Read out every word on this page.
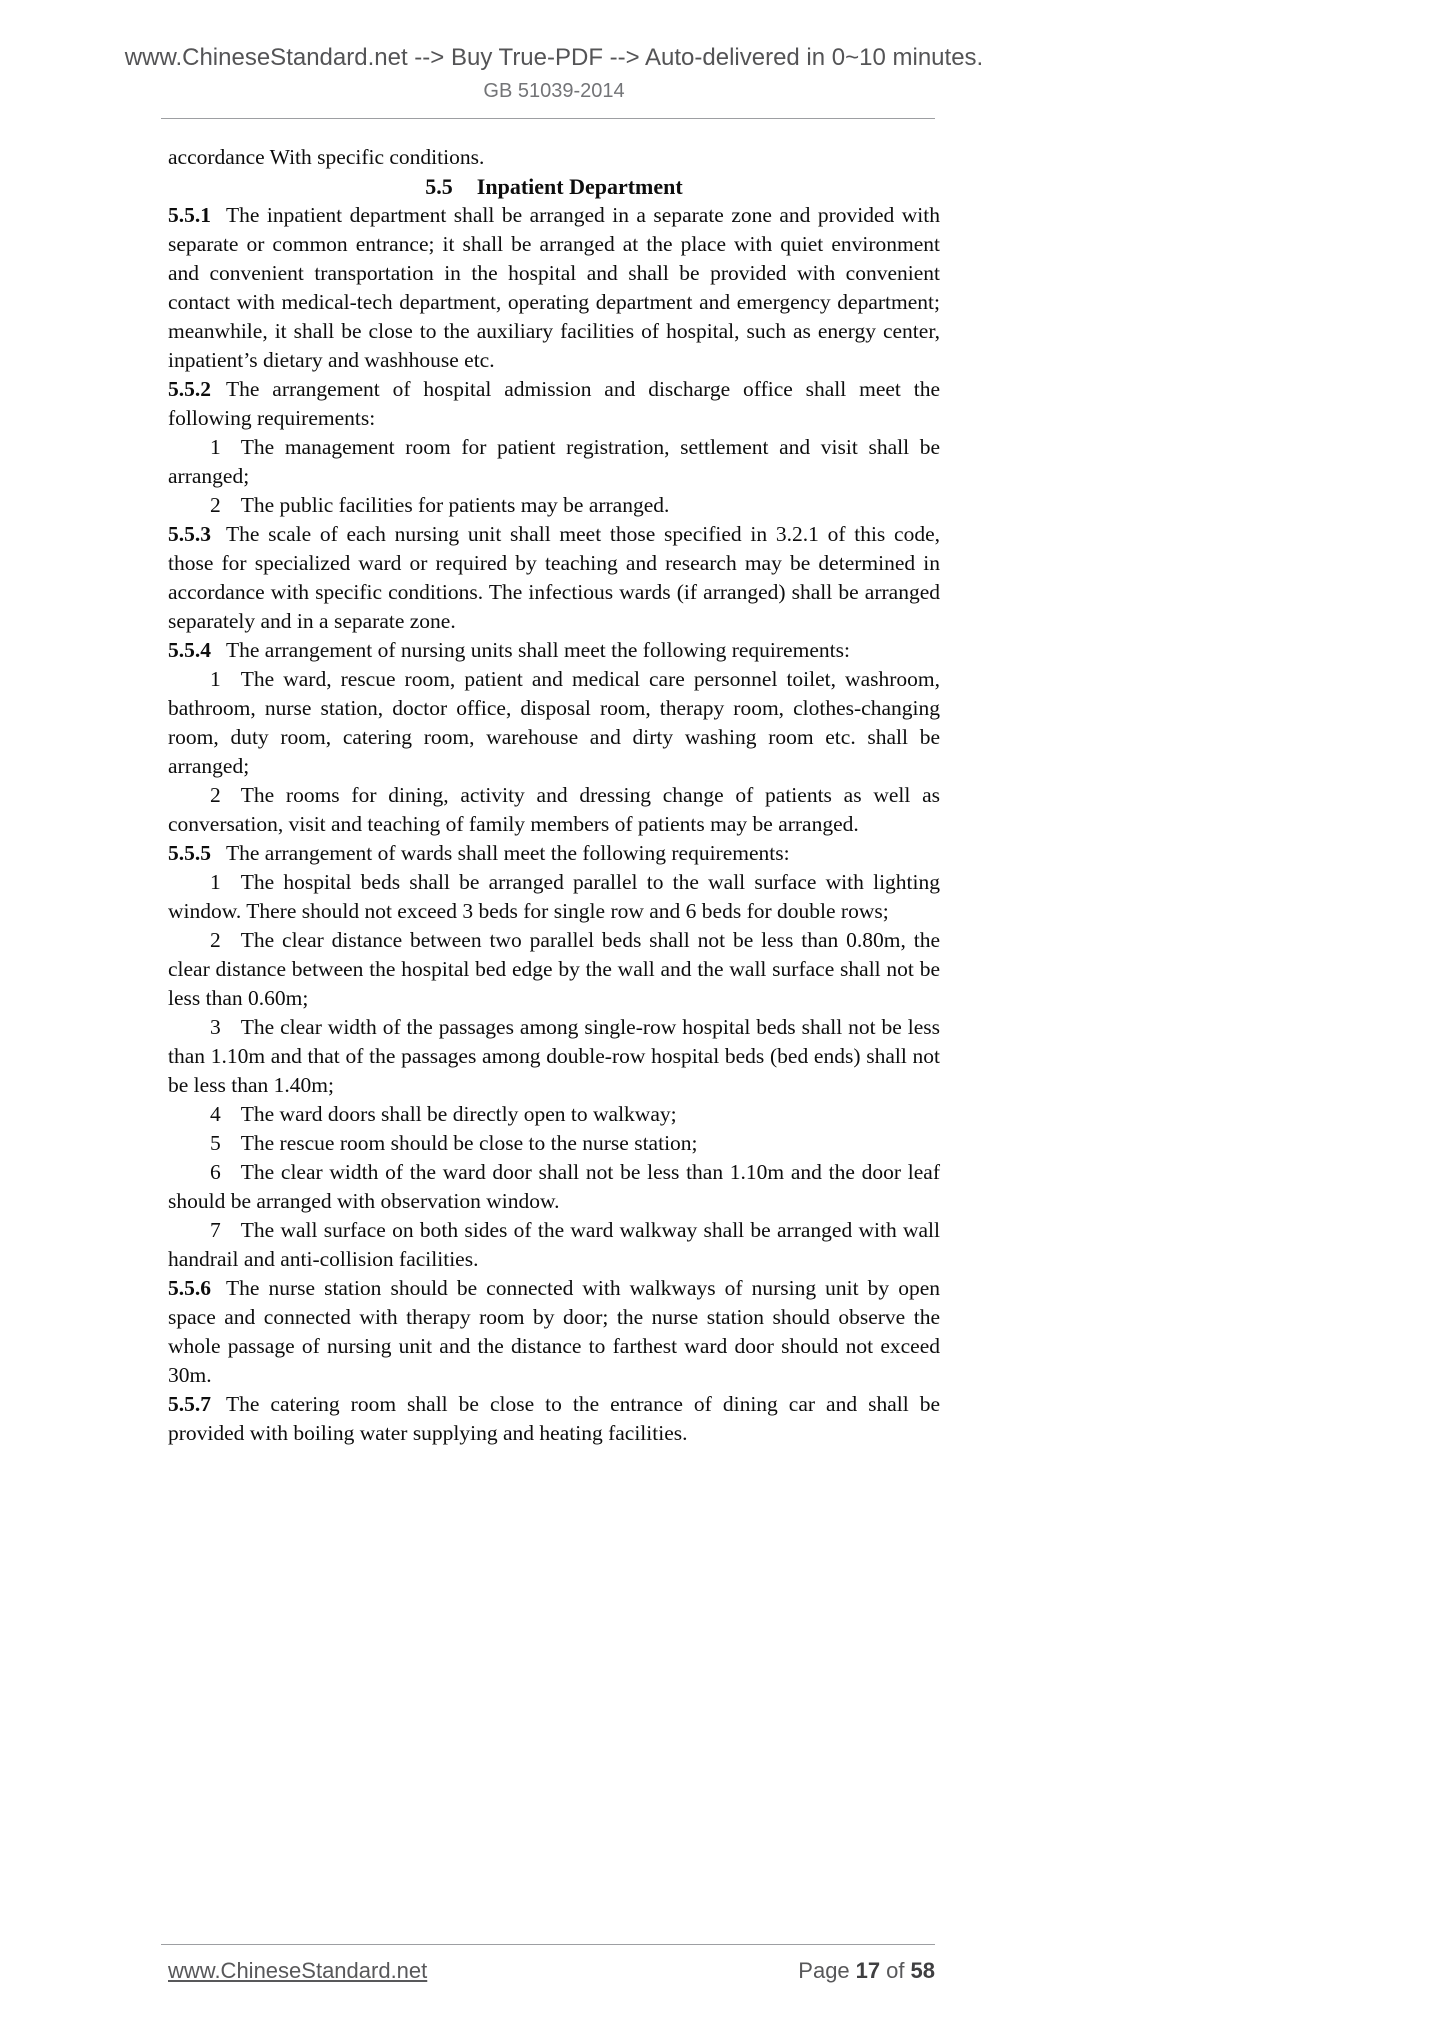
www.ChineseStandard.net --> Buy True-PDF --> Auto-delivered in 0~10 minutes.
GB 51039-2014

accordance With specific conditions.

5.5 Inpatient Department

5.5.1 The inpatient department shall be arranged in a separate zone and provided with separate or common entrance; it shall be arranged at the place with quiet environment and convenient transportation in the hospital and shall be provided with convenient contact with medical-tech department, operating department and emergency department; meanwhile, it shall be close to the auxiliary facilities of hospital, such as energy center, inpatient’s dietary and washhouse etc.

5.5.2 The arrangement of hospital admission and discharge office shall meet the following requirements:

1 The management room for patient registration, settlement and visit shall be arranged;

2 The public facilities for patients may be arranged.

5.5.3 The scale of each nursing unit shall meet those specified in 3.2.1 of this code, those for specialized ward or required by teaching and research may be determined in accordance with specific conditions. The infectious wards (if arranged) shall be arranged separately and in a separate zone.

5.5.4 The arrangement of nursing units shall meet the following requirements:

1 The ward, rescue room, patient and medical care personnel toilet, washroom, bathroom, nurse station, doctor office, disposal room, therapy room, clothes-changing room, duty room, catering room, warehouse and dirty washing room etc. shall be arranged;

2 The rooms for dining, activity and dressing change of patients as well as conversation, visit and teaching of family members of patients may be arranged.

5.5.5 The arrangement of wards shall meet the following requirements:

1 The hospital beds shall be arranged parallel to the wall surface with lighting window. There should not exceed 3 beds for single row and 6 beds for double rows;

2 The clear distance between two parallel beds shall not be less than 0.80m, the clear distance between the hospital bed edge by the wall and the wall surface shall not be less than 0.60m;

3 The clear width of the passages among single-row hospital beds shall not be less than 1.10m and that of the passages among double-row hospital beds (bed ends) shall not be less than 1.40m;

4 The ward doors shall be directly open to walkway;

5 The rescue room should be close to the nurse station;

6 The clear width of the ward door shall not be less than 1.10m and the door leaf should be arranged with observation window.

7 The wall surface on both sides of the ward walkway shall be arranged with wall handrail and anti-collision facilities.

5.5.6 The nurse station should be connected with walkways of nursing unit by open space and connected with therapy room by door; the nurse station should observe the whole passage of nursing unit and the distance to farthest ward door should not exceed 30m.

5.5.7 The catering room shall be close to the entrance of dining car and shall be provided with boiling water supplying and heating facilities.

www.ChineseStandard.net	Page 17 of 58
